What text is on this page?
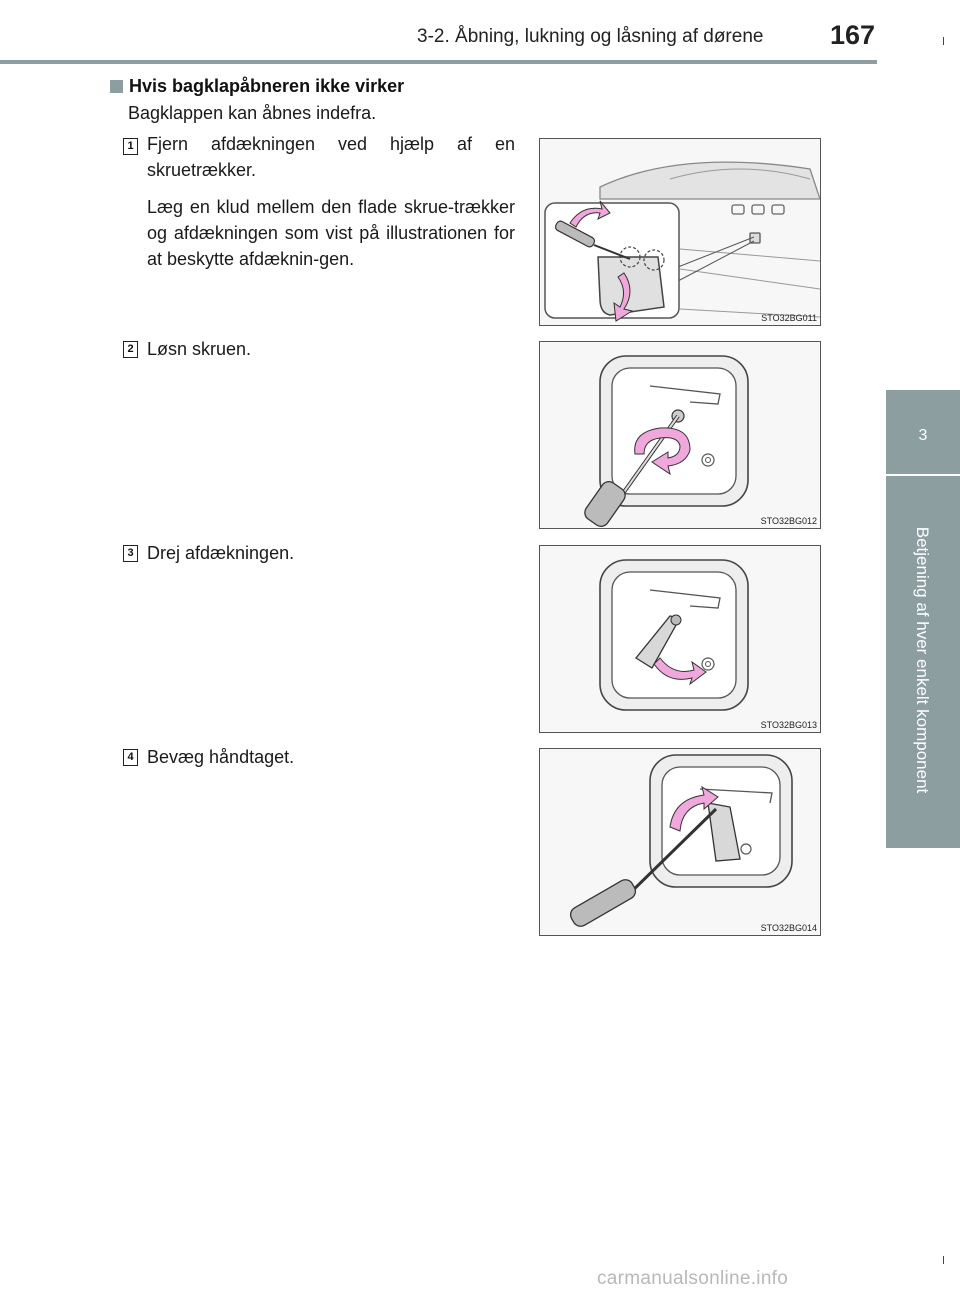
3-2. Åbning, lukning og låsning af dørene 167
3
Betjening af hver enkelt komponent
Hvis bagklapåbneren ikke virker
Bagklappen kan åbnes indefra.
1 Fjern afdækningen ved hjælp af en skruetrækker.

Læg en klud mellem den flade skrue-trækker og afdækningen som vist på illustrationen for at beskytte afdæknin-gen.

STO32BG011
2 Løsn skruen.

STO32BG012
3 Drej afdækningen.

STO32BG013
4 Bevæg håndtaget.

STO32BG014
carmanualsonline.info
